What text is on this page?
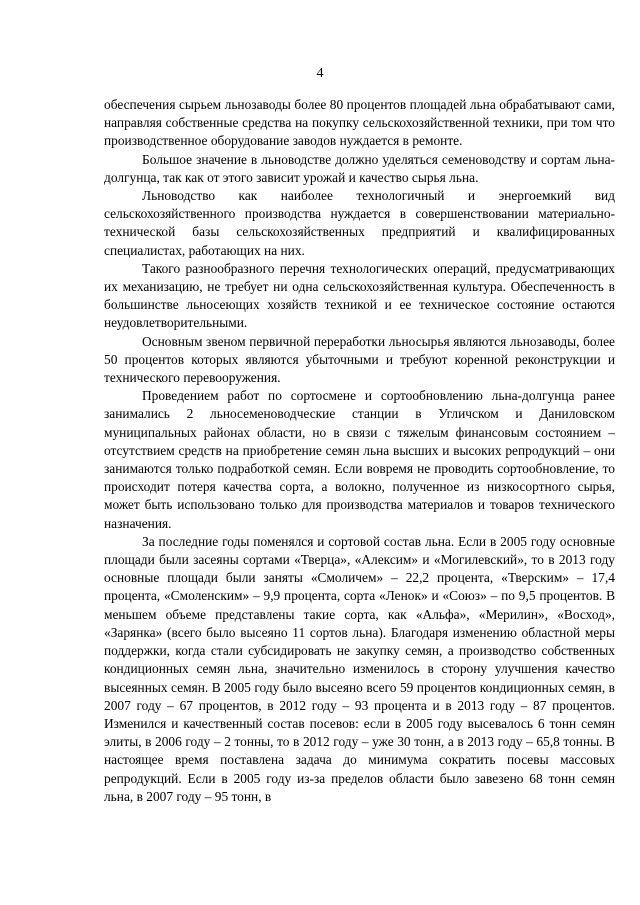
4

обеспечения сырьем льнозаводы более 80 процентов площадей льна обрабатывают сами, направляя собственные средства на покупку сельскохозяйственной техники, при том что производственное оборудование заводов нуждается в ремонте.

Большое значение в льноводстве должно уделяться семеноводству и сортам льна-долгунца, так как от этого зависит урожай и качество сырья льна.

Льноводство как наиболее технологичный и энергоемкий вид сельскохозяйственного производства нуждается в совершенствовании материально-технической базы сельскохозяйственных предприятий и квалифицированных специалистах, работающих на них.

Такого разнообразного перечня технологических операций, предусматривающих их механизацию, не требует ни одна сельскохозяйственная культура. Обеспеченность в большинстве льносеющих хозяйств техникой и ее техническое состояние остаются неудовлетворительными.

Основным звеном первичной переработки льносырья являются льнозаводы, более 50 процентов которых являются убыточными и требуют коренной реконструкции и технического перевооружения.

Проведением работ по сортосмене и сортообновлению льна-долгунца ранее занимались 2 льносеменоводческие станции в Угличском и Даниловском муниципальных районах области, но в связи с тяжелым финансовым состоянием – отсутствием средств на приобретение семян льна высших и высоких репродукций – они занимаются только подработкой семян. Если вовремя не проводить сортообновление, то происходит потеря качества сорта, а волокно, полученное из низкосортного сырья, может быть использовано только для производства материалов и товаров технического назначения.

За последние годы поменялся и сортовой состав льна. Если в 2005 году основные площади были засеяны сортами «Тверца», «Алексим» и «Могилевский», то в 2013 году основные площади были заняты «Смоличем» – 22,2 процента, «Тверским» – 17,4 процента, «Смоленским» – 9,9 процента, сорта «Ленок» и «Союз» – по 9,5 процентов. В меньшем объеме представлены такие сорта, как «Альфа», «Мерилин», «Восход», «Зарянка» (всего было высеяно 11 сортов льна). Благодаря изменению областной меры поддержки, когда стали субсидировать не закупку семян, а производство собственных кондиционных семян льна, значительно изменилось в сторону улучшения качество высеянных семян. В 2005 году было высеяно всего 59 процентов кондиционных семян, в 2007 году – 67 процентов, в 2012 году – 93 процента и в 2013 году – 87 процентов. Изменился и качественный состав посевов: если в 2005 году высевалось 6 тонн семян элиты, в 2006 году – 2 тонны, то в 2012 году – уже 30 тонн, а в 2013 году – 65,8 тонны. В настоящее время поставлена задача до минимума сократить посевы массовых репродукций. Если в 2005 году из-за пределов области было завезено 68 тонн семян льна, в 2007 году – 95 тонн, в
